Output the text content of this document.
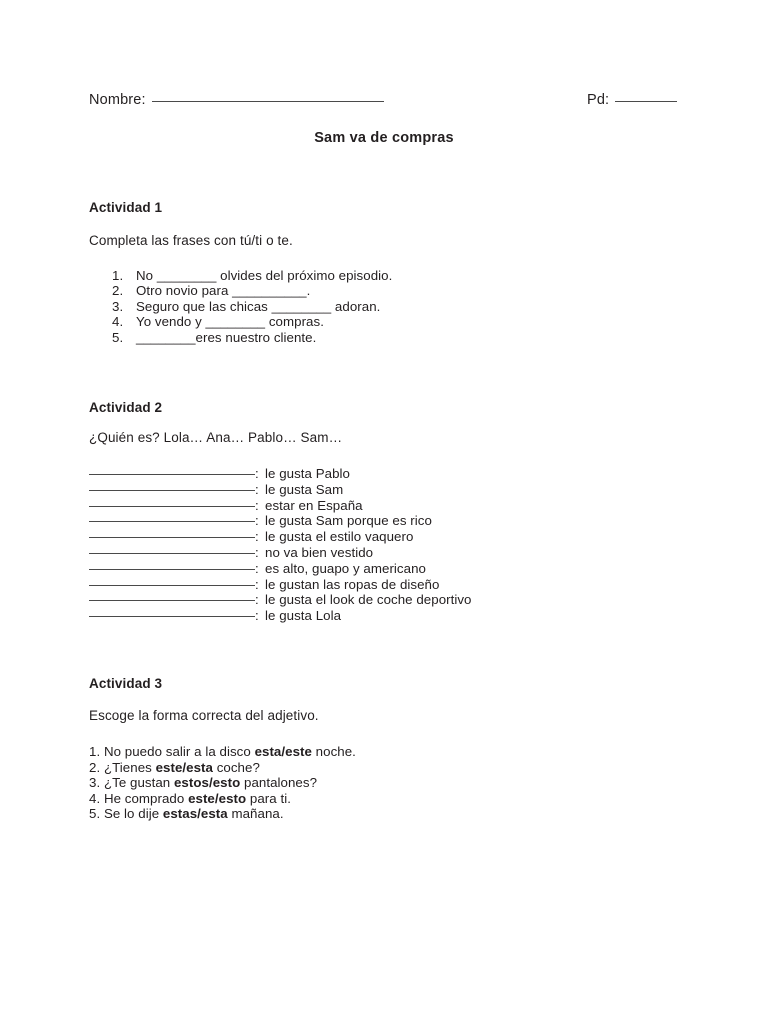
Nombre:	Pd:
Sam va de compras
Actividad 1
Completa las frases con tú/ti o te.
1. No ________ olvides del próximo episodio.
2. Otro novio para __________.
3. Seguro que las chicas ________ adoran.
4. Yo vendo y ________ compras.
5. ________eres nuestro cliente.
Actividad 2
¿Quién es? Lola… Ana… Pablo… Sam…
: le gusta Pablo
: le gusta Sam
: estar en España
: le gusta Sam porque es rico
: le gusta el estilo vaquero
: no va bien vestido
: es alto, guapo y americano
: le gustan las ropas de diseño
: le gusta el look de coche deportivo
: le gusta Lola
Actividad 3
Escoge la forma correcta del adjetivo.
1. No puedo salir a la disco esta/este noche.
2. ¿Tienes este/esta coche?
3. ¿Te gustan estos/esto pantalones?
4. He comprado este/esto para ti.
5. Se lo dije estas/esta mañana.
